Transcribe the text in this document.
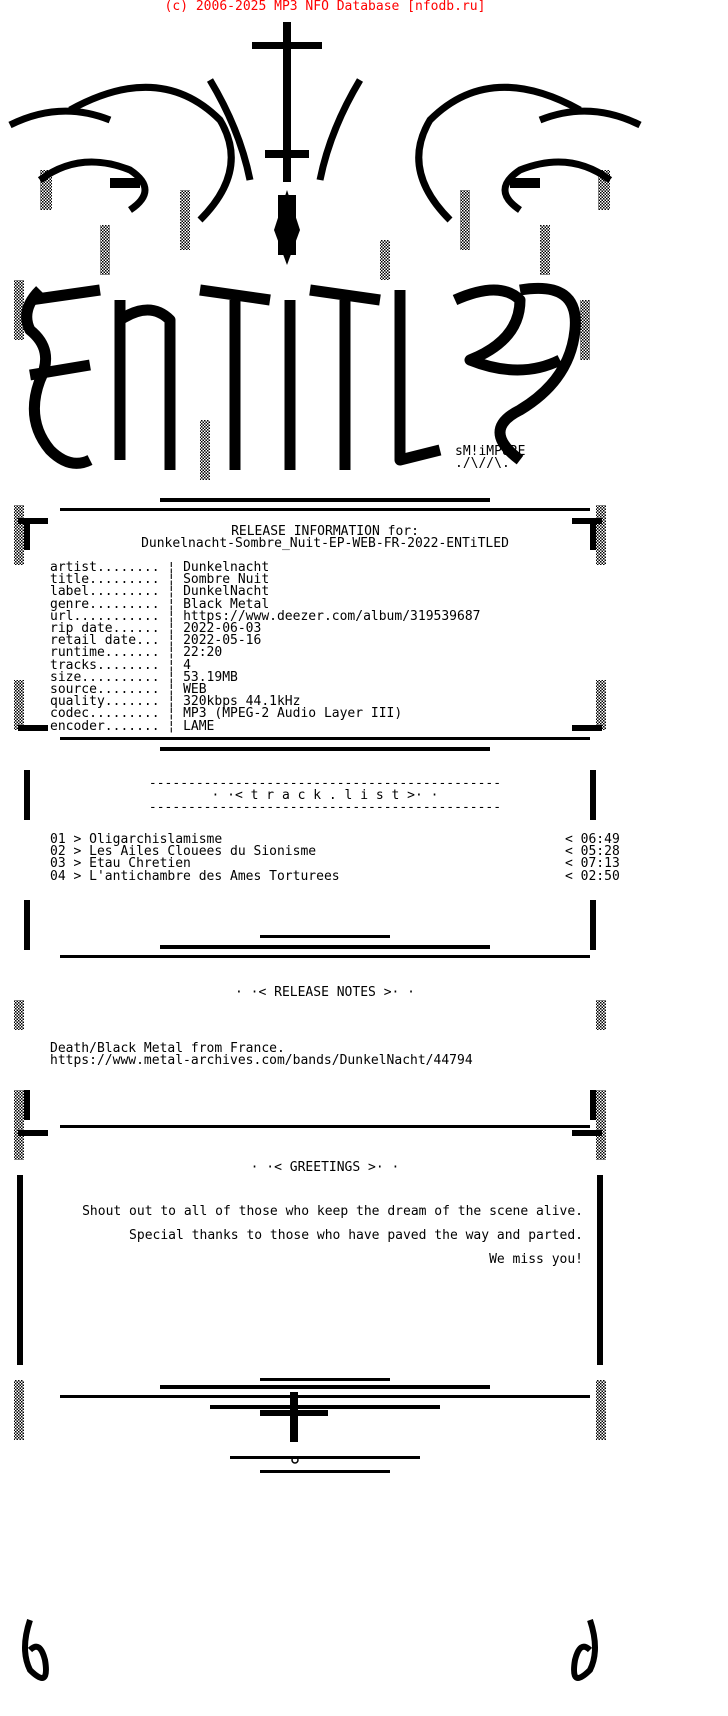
(c) 2006-2025 MP3 NFO Database [nfodb.ru]
sM!iMPURE
./\//\.
RELEASE INFORMATION for:
Dunkelnacht-Sombre_Nuit-EP-WEB-FR-2022-ENTiTLED
artist........ ¦ Dunkelnacht
title......... ¦ Sombre Nuit
label......... ¦ DunkelNacht
genre......... ¦ Black Metal
url........... ¦ https://www.deezer.com/album/319539687
rip date...... ¦ 2022-06-03
retail date... ¦ 2022-05-16
runtime....... ¦ 22:20
tracks........ ¦ 4
size.......... ¦ 53.19MB
source........ ¦ WEB
quality....... ¦ 320kbps 44.1kHz
codec......... ¦ MP3 (MPEG-2 Audio Layer III)
encoder....... ¦ LAME
---------------------------------------------
· ·< t r a c k . l i s t >· ·
---------------------------------------------
01 > Oligarchislamisme	< 06:49
02 > Les Ailes Clouees du Sionisme	< 05:28
03 > Etau Chretien	< 07:13
04 > L'antichambre des Ames Torturees	< 02:50
· ·< RELEASE NOTES >· ·
Death/Black Metal from France.
https://www.metal-archives.com/bands/DunkelNacht/44794
· ·< GREETINGS >· ·
Shout out to all of those who keep the dream of the scene alive.
Special thanks to those who have paved the way and parted.
We miss you!
